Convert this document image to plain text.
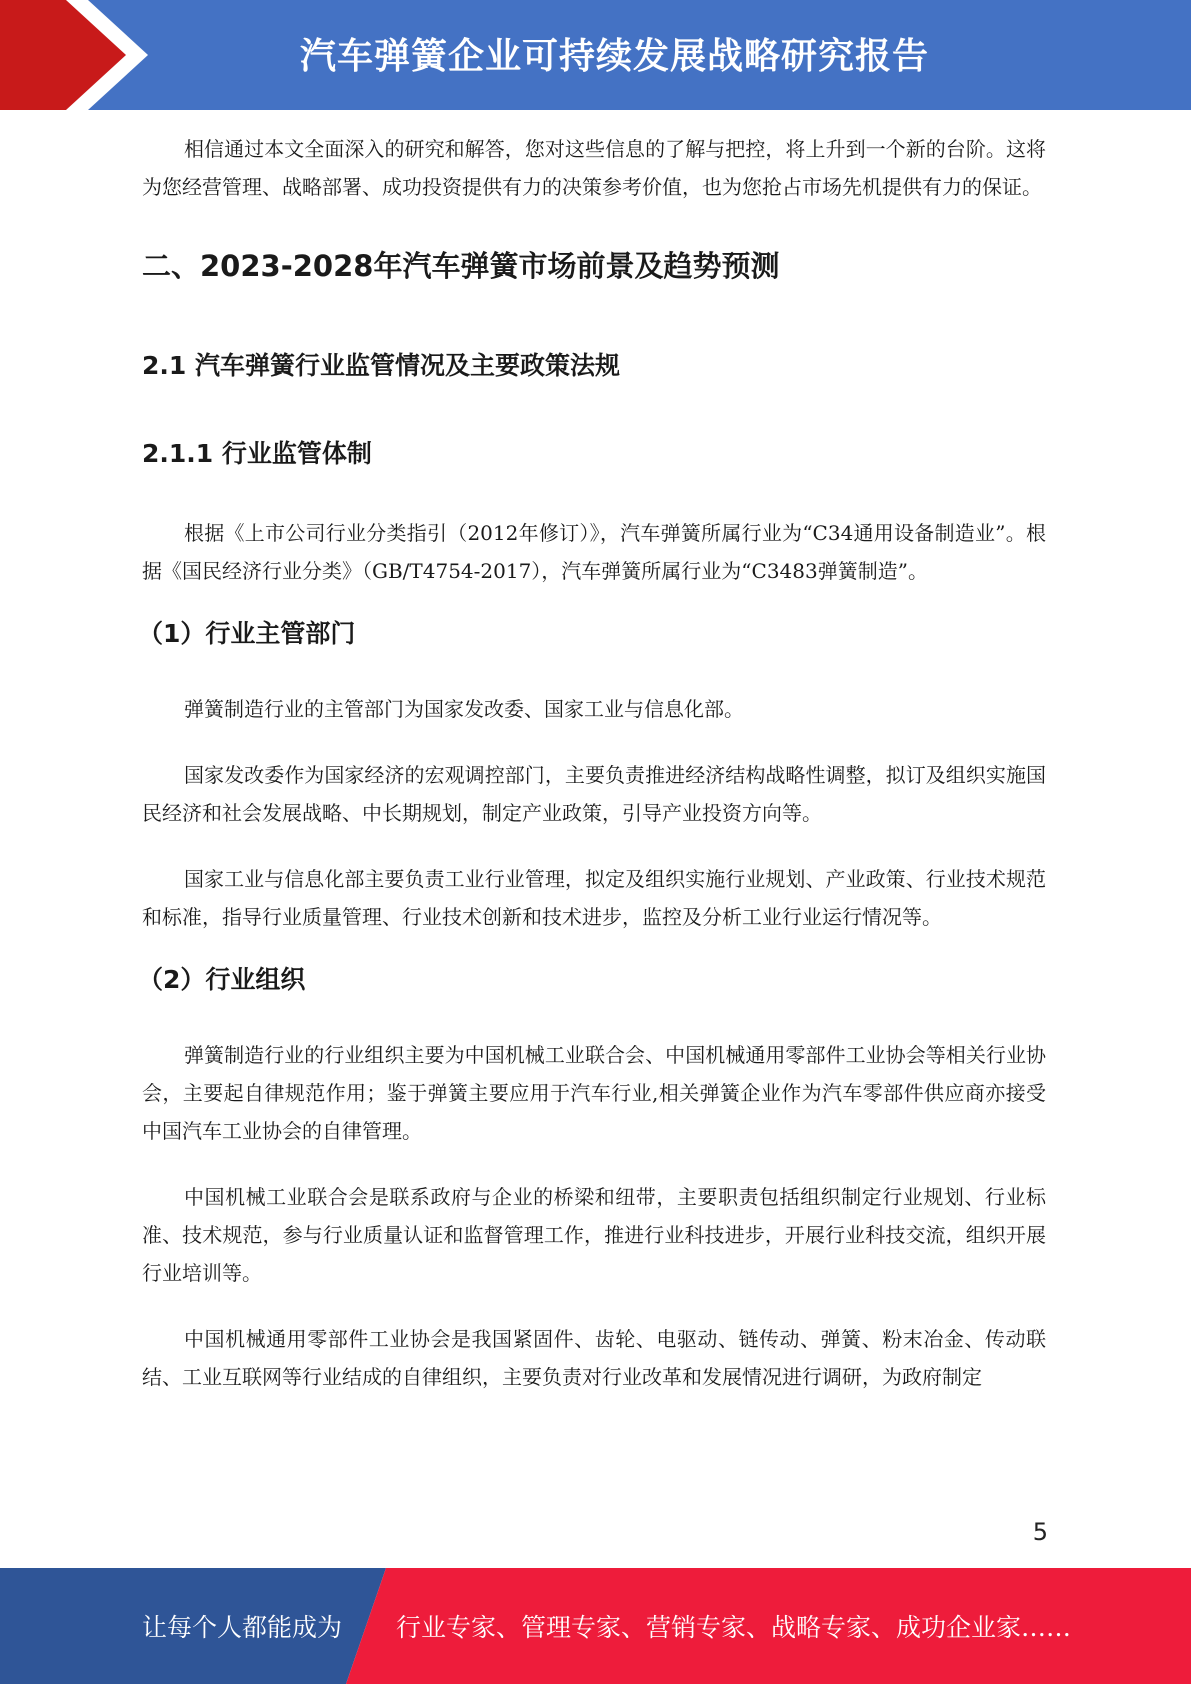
汽车弹簧企业可持续发展战略研究报告

相信通过本文全面深入的研究和解答，您对这些信息的了解与把控，将上升到一个新的台阶。这将为您经营管理、战略部署、成功投资提供有力的决策参考价值，也为您抢占市场先机提供有力的保证。

二、2023-2028年汽车弹簧市场前景及趋势预测
2.1 汽车弹簧行业监管情况及主要政策法规
2.1.1 行业监管体制

根据《上市公司行业分类指引（2012年修订）》，汽车弹簧所属行业为“C34通用设备制造业”。根据《国民经济行业分类》（GB/T4754-2017），汽车弹簧所属行业为“C3483弹簧制造”。

（1）行业主管部门

弹簧制造行业的主管部门为国家发改委、国家工业与信息化部。

国家发改委作为国家经济的宏观调控部门，主要负责推进经济结构战略性调整，拟订及组织实施国民经济和社会发展战略、中长期规划，制定产业政策，引导产业投资方向等。

国家工业与信息化部主要负责工业行业管理，拟定及组织实施行业规划、产业政策、行业技术规范和标准，指导行业质量管理、行业技术创新和技术进步，监控及分析工业行业运行情况等。

（2）行业组织

弹簧制造行业的行业组织主要为中国机械工业联合会、中国机械通用零部件工业协会等相关行业协会，主要起自律规范作用；鉴于弹簧主要应用于汽车行业,相关弹簧企业作为汽车零部件供应商亦接受中国汽车工业协会的自律管理。

中国机械工业联合会是联系政府与企业的桥梁和纽带，主要职责包括组织制定行业规划、行业标准、技术规范，参与行业质量认证和监督管理工作，推进行业科技进步，开展行业科技交流，组织开展行业培训等。

中国机械通用零部件工业协会是我国紧固件、齿轮、电驱动、链传动、弹簧、粉末冶金、传动联结、工业互联网等行业结成的自律组织，主要负责对行业改革和发展情况进行调研，为政府制定

5
让每个人都能成为 行业专家、管理专家、营销专家、战略专家、成功企业家……
